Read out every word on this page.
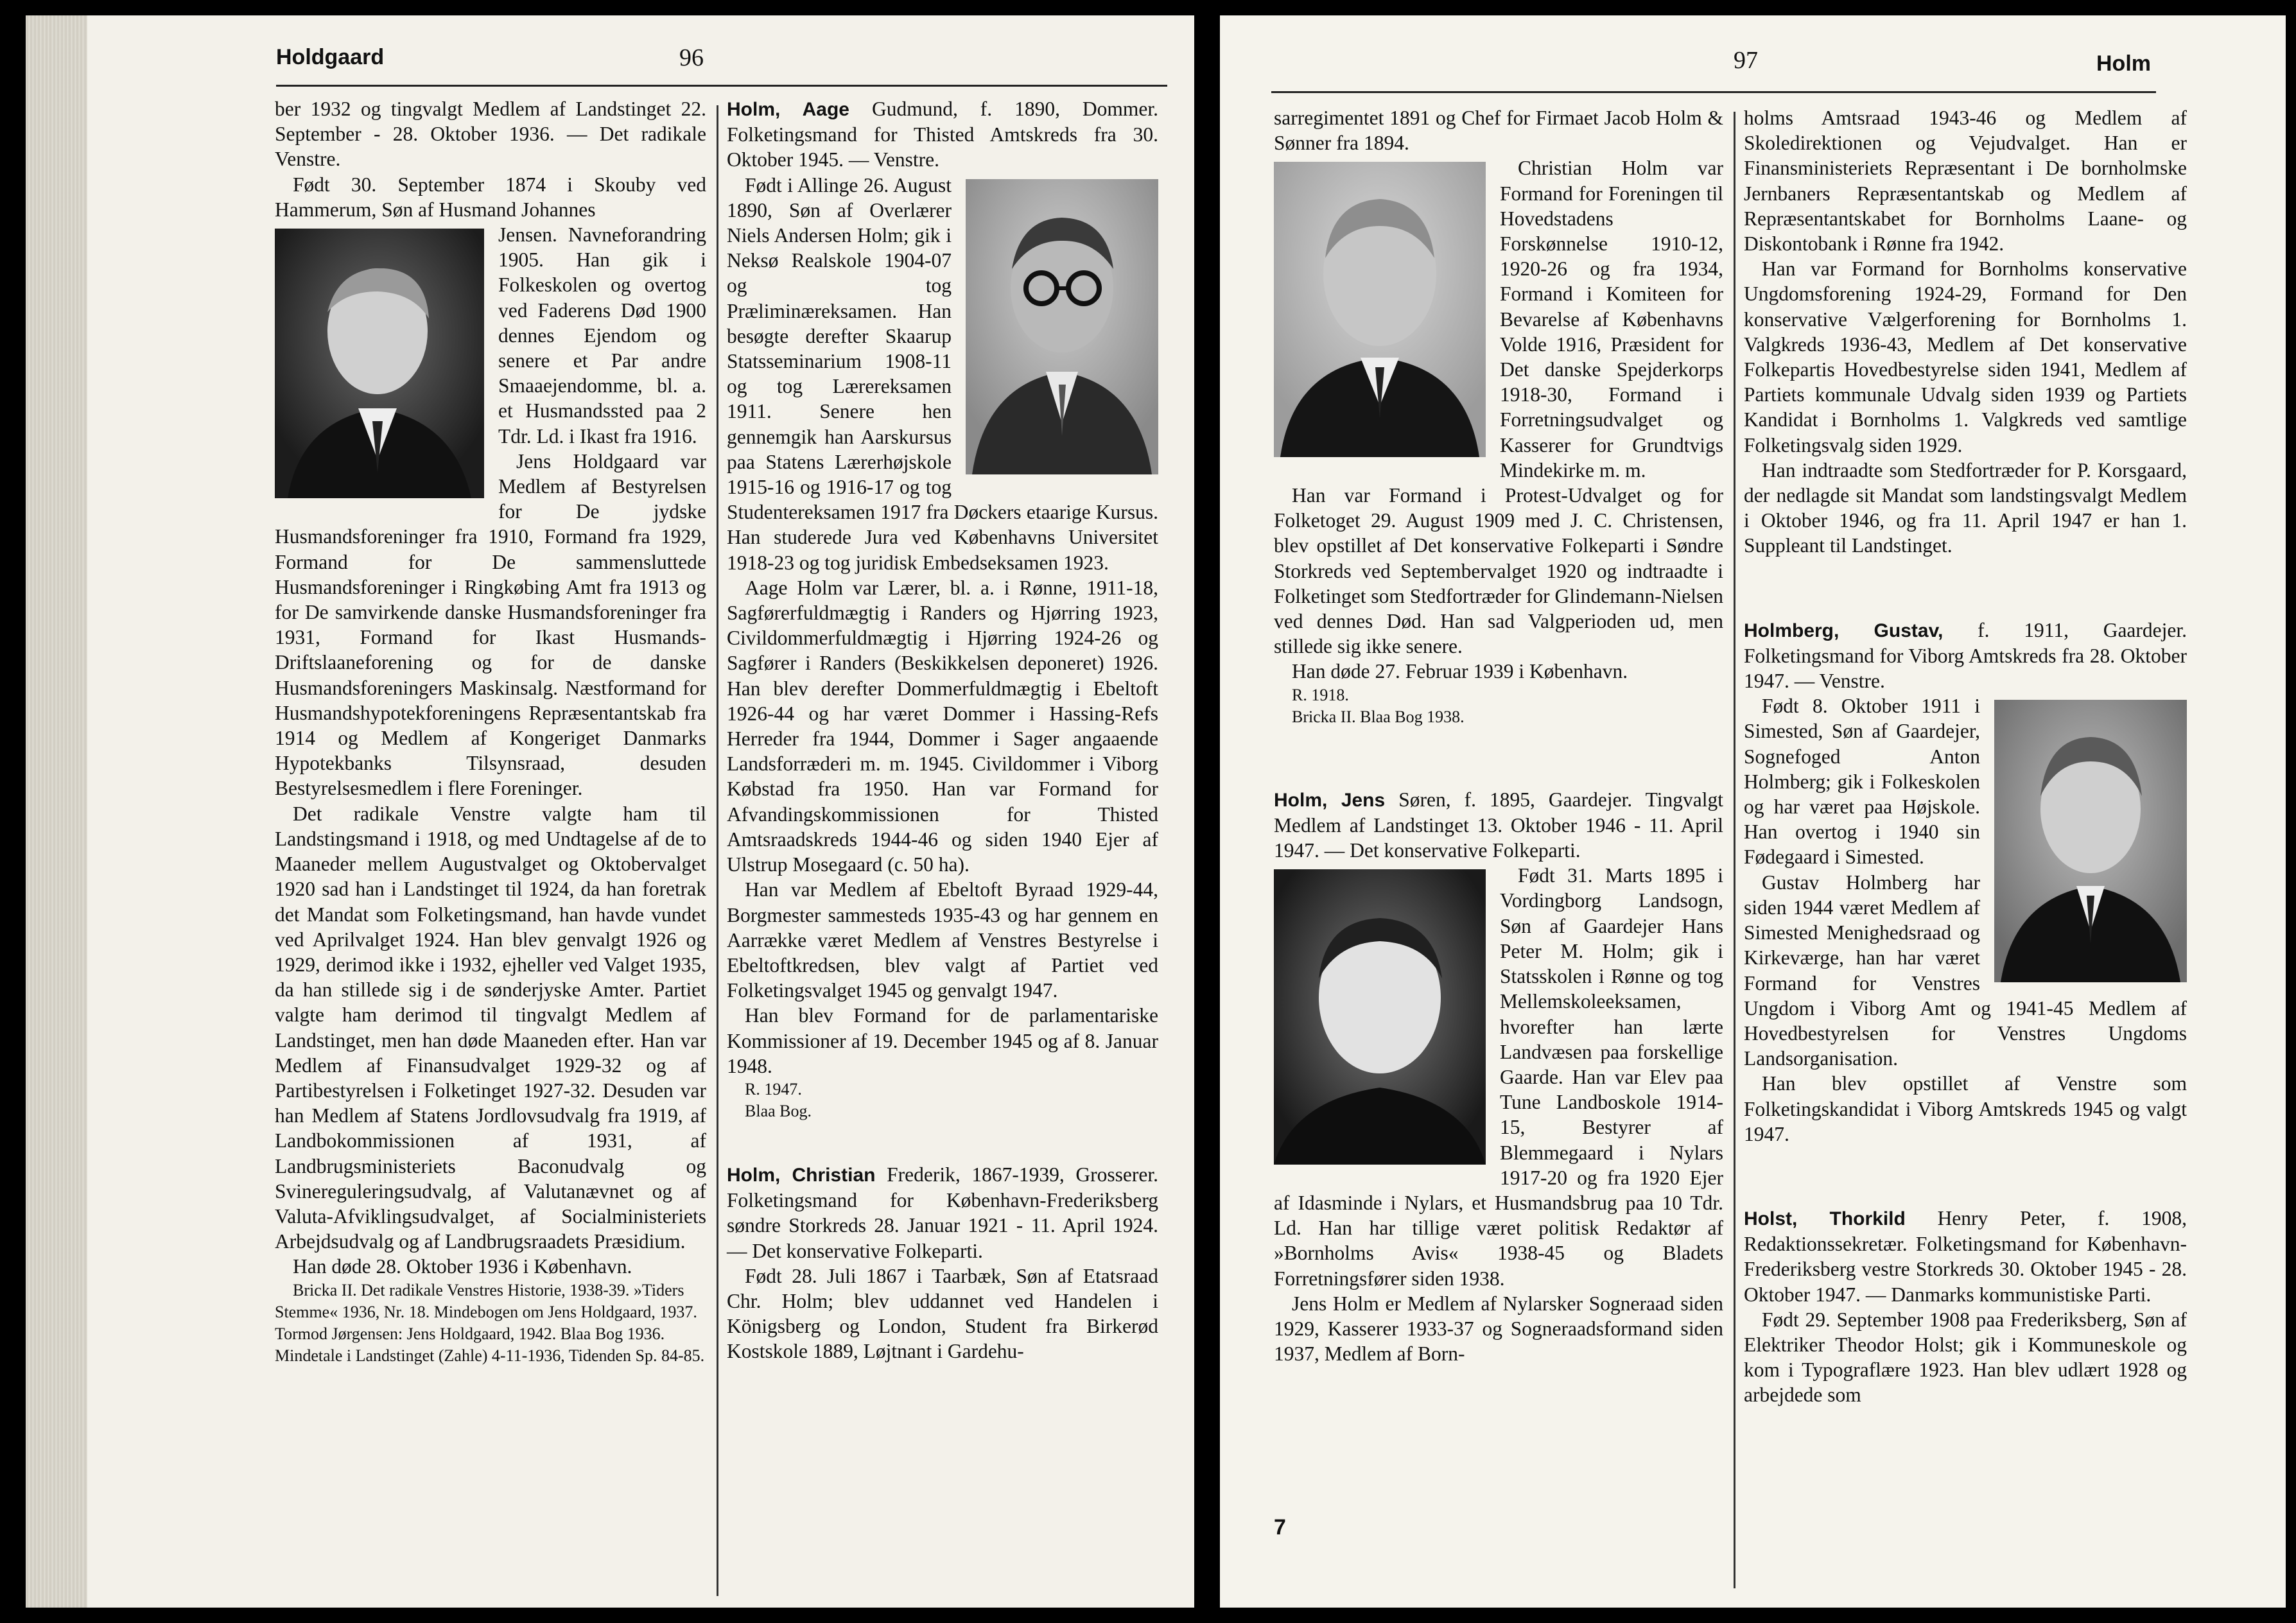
Holdgaard	96

ber 1932 og tingvalgt Medlem af Landstinget 22. September - 28. Oktober 1936. — Det radikale Venstre.

Født 30. September 1874 i Skouby ved Hammerum, Søn af Husmand Johannes

Jensen. Navneforandring 1905. Han gik i Folkeskolen og overtog ved Faderens Død 1900 dennes Ejendom og senere et Par andre Smaaejendomme, bl. a. et Husmandssted paa 2 Tdr. Ld. i Ikast fra 1916.

Jens Holdgaard var Medlem af Bestyrelsen for De jydske Husmandsforeninger fra 1910, Formand fra 1929, Formand for De sammensluttede Husmandsforeninger i Ringkøbing Amt fra 1913 og for De samvirkende danske Husmandsforeninger fra 1931, Formand for Ikast Husmands-Driftslaaneforening og for de danske Husmandsforeningers Maskinsalg. Næstformand for Husmandshypotekforeningens Repræsentantskab fra 1914 og Medlem af Kongeriget Danmarks Hypotekbanks Tilsynsraad, desuden Bestyrelsesmedlem i flere Foreninger.

Det radikale Venstre valgte ham til Landstingsmand i 1918, og med Undtagelse af de to Maaneder mellem Augustvalget og Oktobervalget 1920 sad han i Landstinget til 1924, da han foretrak det Mandat som Folketingsmand, han havde vundet ved Aprilvalget 1924. Han blev genvalgt 1926 og 1929, derimod ikke i 1932, ejheller ved Valget 1935, da han stillede sig i de sønderjyske Amter. Partiet valgte ham derimod til tingvalgt Medlem af Landstinget, men han døde Maaneden efter. Han var Medlem af Finansudvalget 1929-32 og af Partibestyrelsen i Folketinget 1927-32. Desuden var han Medlem af Statens Jordlovsudvalg fra 1919, af Landbokommissionen af 1931, af Landbrugsministeriets Baconudvalg og Svinereguleringsudvalg, af Valutanævnet og af Valuta-Afviklingsudvalget, af Socialministeriets Arbejdsudvalg og af Landbrugsraadets Præsidium.

Han døde 28. Oktober 1936 i København.

Bricka II. Det radikale Venstres Historie, 1938-39. »Tiders Stemme« 1936, Nr. 18. Mindebogen om Jens Holdgaard, 1937. Tormod Jørgensen: Jens Holdgaard, 1942. Blaa Bog 1936. Mindetale i Landstinget (Zahle) 4-11-1936, Tidenden Sp. 84-85.

Holm, Aage Gudmund, f. 1890, Dommer. Folketingsmand for Thisted Amtskreds fra 30. Oktober 1945. — Venstre.

Født i Allinge 26. August 1890, Søn af Overlærer Niels Andersen Holm; gik i Neksø Realskole 1904-07 og tog Præliminæreksamen. Han besøgte derefter Skaarup Statsseminarium 1908-11 og tog Lærereksamen 1911. Senere hen gennemgik han Aarskursus paa Statens Lærerhøjskole 1915-16 og 1916-17 og tog Studentereksamen 1917 fra Døckers etaarige Kursus. Han studerede Jura ved Københavns Universitet 1918-23 og tog juridisk Embedseksamen 1923.

Aage Holm var Lærer, bl. a. i Rønne, 1911-18, Sagførerfuldmægtig i Randers og Hjørring 1923, Civildommerfuldmægtig i Hjørring 1924-26 og Sagfører i Randers (Beskikkelsen deponeret) 1926. Han blev derefter Dommerfuldmægtig i Ebeltoft 1926-44 og har været Dommer i Hassing-Refs Herreder fra 1944, Dommer i Sager angaaende Landsforræderi m. m. 1945. Civildommer i Viborg Købstad fra 1950. Han var Formand for Afvandingskommissionen for Thisted Amtsraadskreds 1944-46 og siden 1940 Ejer af Ulstrup Mosegaard (c. 50 ha).

Han var Medlem af Ebeltoft Byraad 1929-44, Borgmester sammesteds 1935-43 og har gennem en Aarrække været Medlem af Venstres Bestyrelse i Ebeltoftkredsen, blev valgt af Partiet ved Folketingsvalget 1945 og genvalgt 1947.

Han blev Formand for de parlamentariske Kommissioner af 19. December 1945 og af 8. Januar 1948.

R. 1947.

Blaa Bog.

Holm, Christian Frederik, 1867-1939, Grosserer. Folketingsmand for København-Frederiksberg søndre Storkreds 28. Januar 1921 - 11. April 1924. — Det konservative Folkeparti.

Født 28. Juli 1867 i Taarbæk, Søn af Etatsraad Chr. Holm; blev uddannet ved Handelen i Königsberg og London, Student fra Birkerød Kostskole 1889, Løjtnant i Gardehu-

97	Holm

sarregimentet 1891 og Chef for Firmaet Jacob Holm & Sønner fra 1894.

Christian Holm var Formand for Foreningen til Hovedstadens Forskønnelse 1910-12, 1920-26 og fra 1934, Formand i Komiteen for Bevarelse af Københavns Volde 1916, Præsident for Det danske Spejderkorps 1918-30, Formand i Forretningsudvalget og Kasserer for Grundtvigs Mindekirke m. m.

Han var Formand i Protest-Udvalget og for Folketoget 29. August 1909 med J. C. Christensen, blev opstillet af Det konservative Folkeparti i Søndre Storkreds ved Septembervalget 1920 og indtraadte i Folketinget som Stedfortræder for Glindemann-Nielsen ved dennes Død. Han sad Valgperioden ud, men stillede sig ikke senere.

Han døde 27. Februar 1939 i København.

R. 1918.

Bricka II. Blaa Bog 1938.

Holm, Jens Søren, f. 1895, Gaardejer. Tingvalgt Medlem af Landstinget 13. Oktober 1946 - 11. April 1947. — Det konservative Folkeparti.

Født 31. Marts 1895 i Vordingborg Landsogn, Søn af Gaardejer Hans Peter M. Holm; gik i Statsskolen i Rønne og tog Mellemskoleeksamen, hvorefter han lærte Landvæsen paa forskellige Gaarde. Han var Elev paa Tune Landboskole 1914-15, Bestyrer af Blemmegaard i Nylars 1917-20 og fra 1920 Ejer af Idasminde i Nylars, et Husmandsbrug paa 10 Tdr. Ld. Han har tillige været politisk Redaktør af »Bornholms Avis« 1938-45 og Bladets Forretningsfører siden 1938.

Jens Holm er Medlem af Nylarsker Sogneraad siden 1929, Kasserer 1933-37 og Sogneraadsformand siden 1937, Medlem af Born-

holms Amtsraad 1943-46 og Medlem af Skoledirektionen og Vejudvalget. Han er Finansministeriets Repræsentant i De bornholmske Jernbaners Repræsentantskab og Medlem af Repræsentantskabet for Bornholms Laane- og Diskontobank i Rønne fra 1942.

Han var Formand for Bornholms konservative Ungdomsforening 1924-29, Formand for Den konservative Vælgerforening for Bornholms 1. Valgkreds 1936-43, Medlem af Det konservative Folkepartis Hovedbestyrelse siden 1941, Medlem af Partiets kommunale Udvalg siden 1939 og Partiets Kandidat i Bornholms 1. Valgkreds ved samtlige Folketingsvalg siden 1929.

Han indtraadte som Stedfortræder for P. Korsgaard, der nedlagde sit Mandat som landstingsvalgt Medlem i Oktober 1946, og fra 11. April 1947 er han 1. Suppleant til Landstinget.

Holmberg, Gustav, f. 1911, Gaardejer. Folketingsmand for Viborg Amtskreds fra 28. Oktober 1947. — Venstre.

Født 8. Oktober 1911 i Simested, Søn af Gaardejer, Sognefoged Anton Holmberg; gik i Folkeskolen og har været paa Højskole. Han overtog i 1940 sin Fødegaard i Simested.

Gustav Holmberg har siden 1944 været Medlem af Simested Menighedsraad og Kirkeværge, han har været Formand for Venstres Ungdom i Viborg Amt og 1941-45 Medlem af Hovedbestyrelsen for Venstres Ungdoms Landsorganisation.

Han blev opstillet af Venstre som Folketingskandidat i Viborg Amtskreds 1945 og valgt 1947.

Holst, Thorkild Henry Peter, f. 1908, Redaktionssekretær. Folketingsmand for København-Frederiksberg vestre Storkreds 30. Oktober 1945 - 28. Oktober 1947. — Danmarks kommunistiske Parti.

Født 29. September 1908 paa Frederiksberg, Søn af Elektriker Theodor Holst; gik i Kommuneskole og kom i Typograflære 1923. Han blev udlært 1928 og arbejdede som

7
